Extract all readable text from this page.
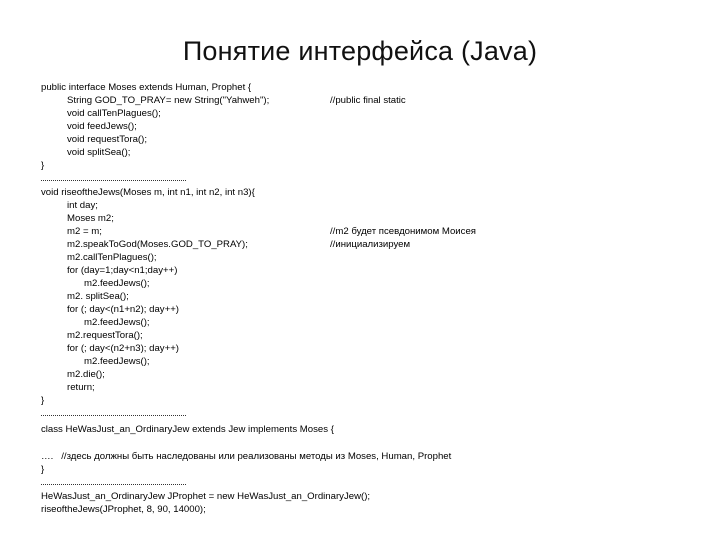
Понятие интерфейса (Java)
public interface Moses extends Human, Prophet {
String GOD_TO_PRAY= new String("Yahweh");	//public final static
void callTenPlagues();
void feedJews();
void requestTora();
void splitSea();
}
void riseoftheJews(Moses m, int n1, int n2, int n3){
int day;
Moses m2;
m2 = m;	//m2 будет псевдонимом Моисея
m2.speakToGod(Moses.GOD_TO_PRAY);	//инициализируем
m2.callTenPlagues();
for (day=1;day<n1;day++)
m2.feedJews();
m2. splitSea();
for (; day<(n1+n2); day++)
m2.feedJews();
m2.requestTora();
for (; day<(n2+n3); day++)
m2.feedJews();
m2.die();
return;
}
class HeWasJust_an_OrdinaryJew extends Jew implements Moses {
….   //здесь должны быть наследованы или реализованы методы из Moses, Human, Prophet
}
HeWasJust_an_OrdinaryJew JProphet = new HeWasJust_an_OrdinaryJew();
riseoftheJews(JProphet, 8, 90, 14000);
